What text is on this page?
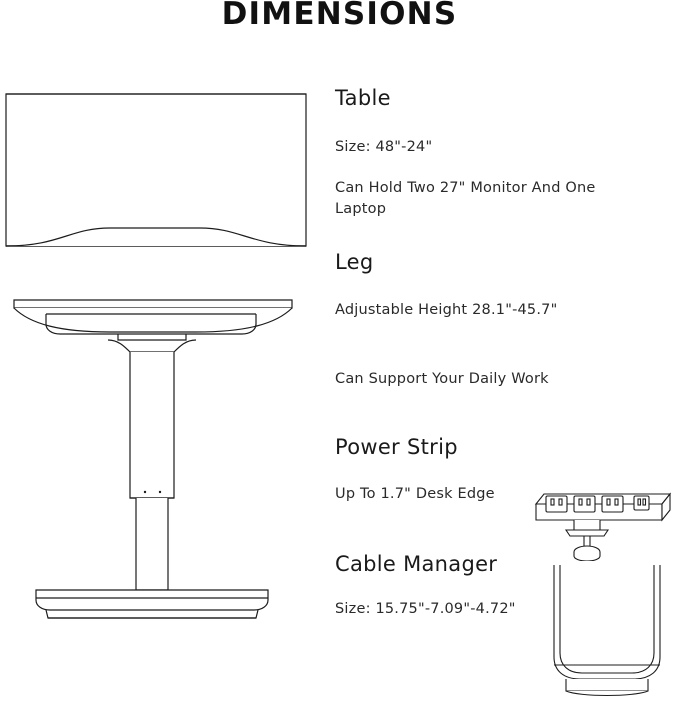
DIMENSIONS
Table
Size: 48"-24"
Can Hold Two 27" Monitor And One Laptop
Leg
Adjustable Height 28.1"-45.7"
Can Support Your Daily Work
Power Strip
Up To 1.7" Desk Edge
Cable Manager
Size: 15.75"-7.09"-4.72"
